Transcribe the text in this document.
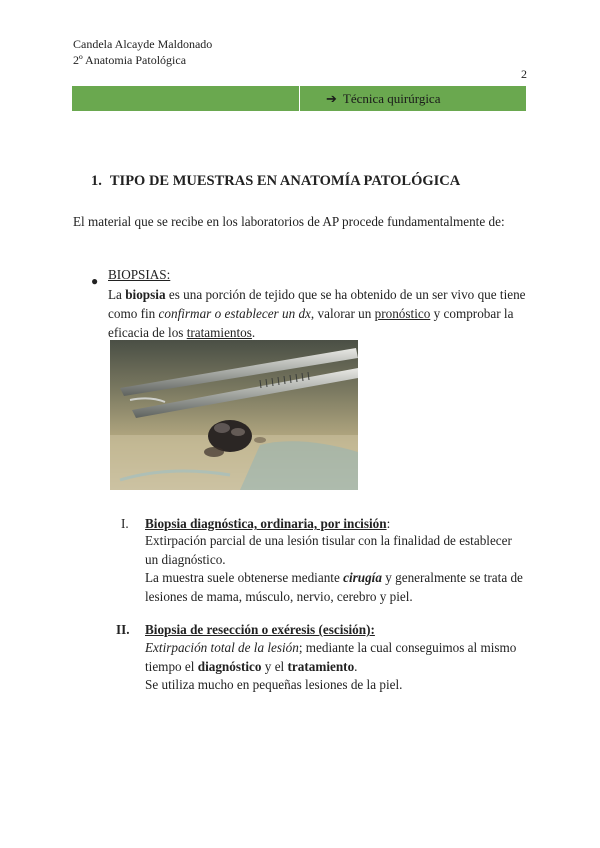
Candela Alcayde Maldonado
2º Anatomia Patológica
2
➔ Técnica quirúrgica
1. TIPO DE MUESTRAS EN ANATOMÍA PATOLÓGICA
El material que se recibe en los laboratorios de AP procede fundamentalmente de:
● BIOPSIAS:
La biopsia es una porción de tejido que se ha obtenido de un ser vivo que tiene como fin confirmar o establecer un dx, valorar un pronóstico y comprobar la eficacia de los tratamientos.
I. Biopsia diagnóstica, ordinaria, por incisión:
Extirpación parcial de una lesión tisular con la finalidad de establecer un diagnóstico.
La muestra suele obtenerse mediante cirugía y generalmente se trata de lesiones de mama, músculo, nervio, cerebro y piel.
II. Biopsia de resección o exéresis (escisión):
Extirpación total de la lesión; mediante la cual conseguimos al mismo tiempo el diagnóstico y el tratamiento.
Se utiliza mucho en pequeñas lesiones de la piel.
